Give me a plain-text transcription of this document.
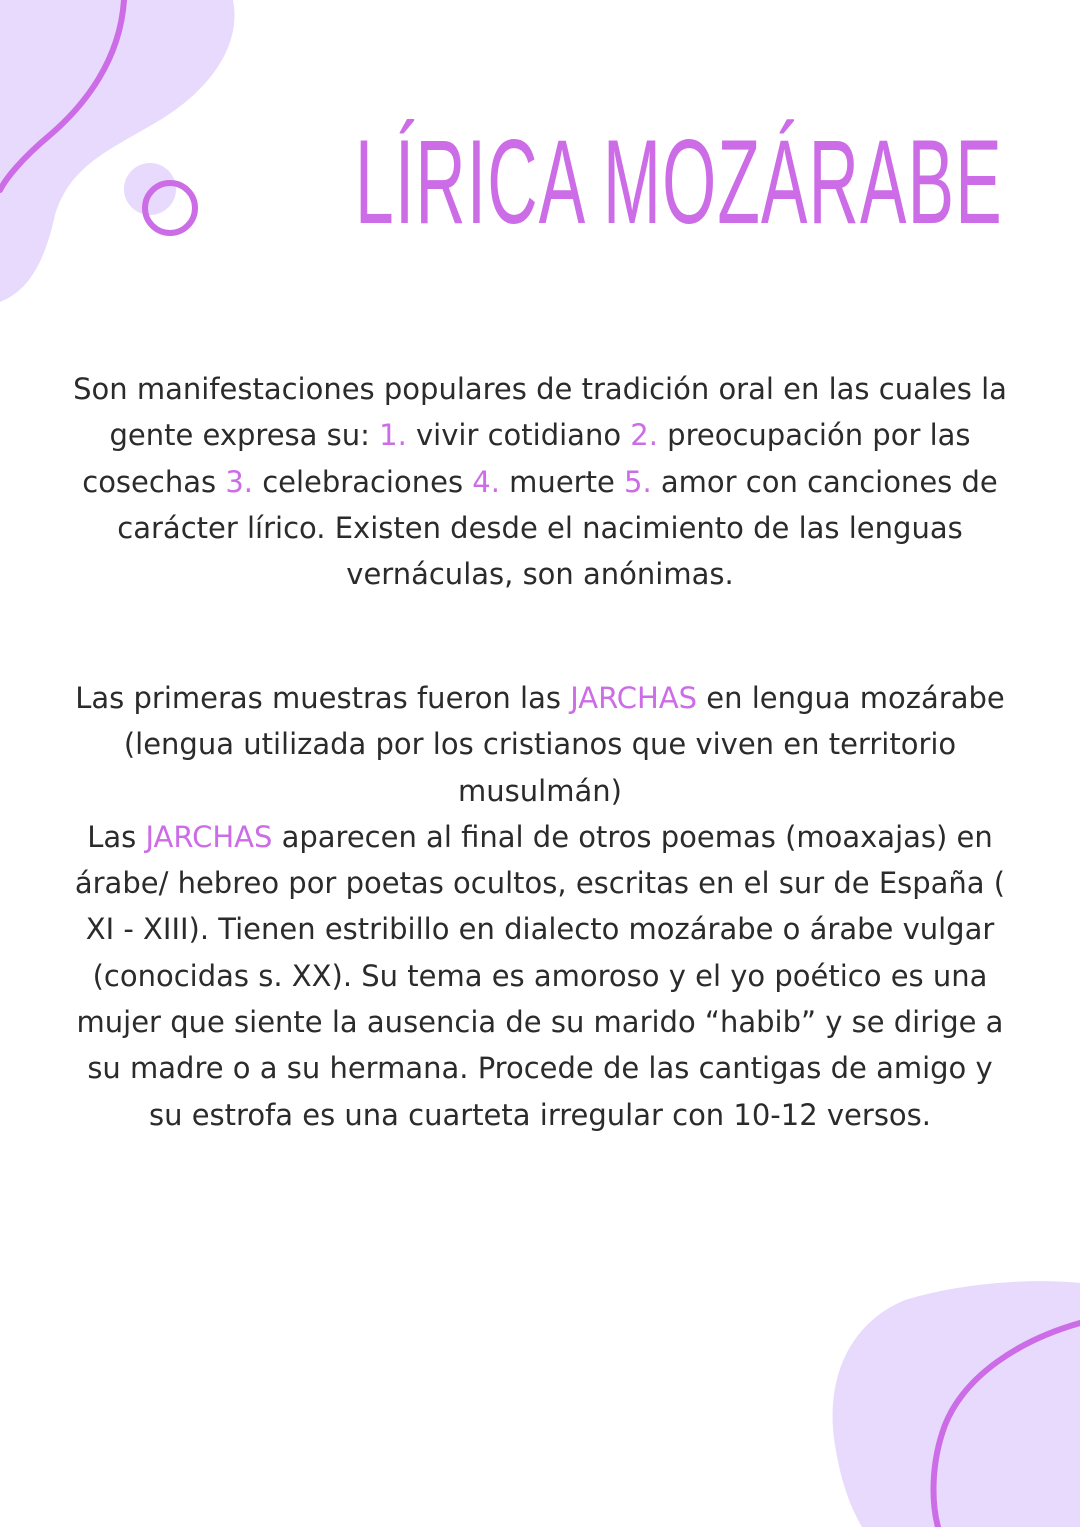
LÍRICA MOZÁRABE

Son manifestaciones populares de tradición oral en las cuales la gente expresa su: 1. vivir cotidiano 2. preocupación por las cosechas 3. celebraciones 4. muerte 5. amor con canciones de carácter lírico. Existen desde el nacimiento de las lenguas vernáculas, son anónimas.

Las primeras muestras fueron las JARCHAS en lengua mozárabe (lengua utilizada por los cristianos que viven en territorio musulmán)
Las JARCHAS aparecen al final de otros poemas (moaxajas) en árabe/ hebreo por poetas ocultos, escritas en el sur de España ( XI - XIII). Tienen estribillo en dialecto mozárabe o árabe vulgar (conocidas s. XX). Su tema es amoroso y el yo poético es una mujer que siente la ausencia de su marido “habib” y se dirige a su madre o a su hermana. Procede de las cantigas de amigo y su estrofa es una cuarteta irregular con 10-12 versos.
